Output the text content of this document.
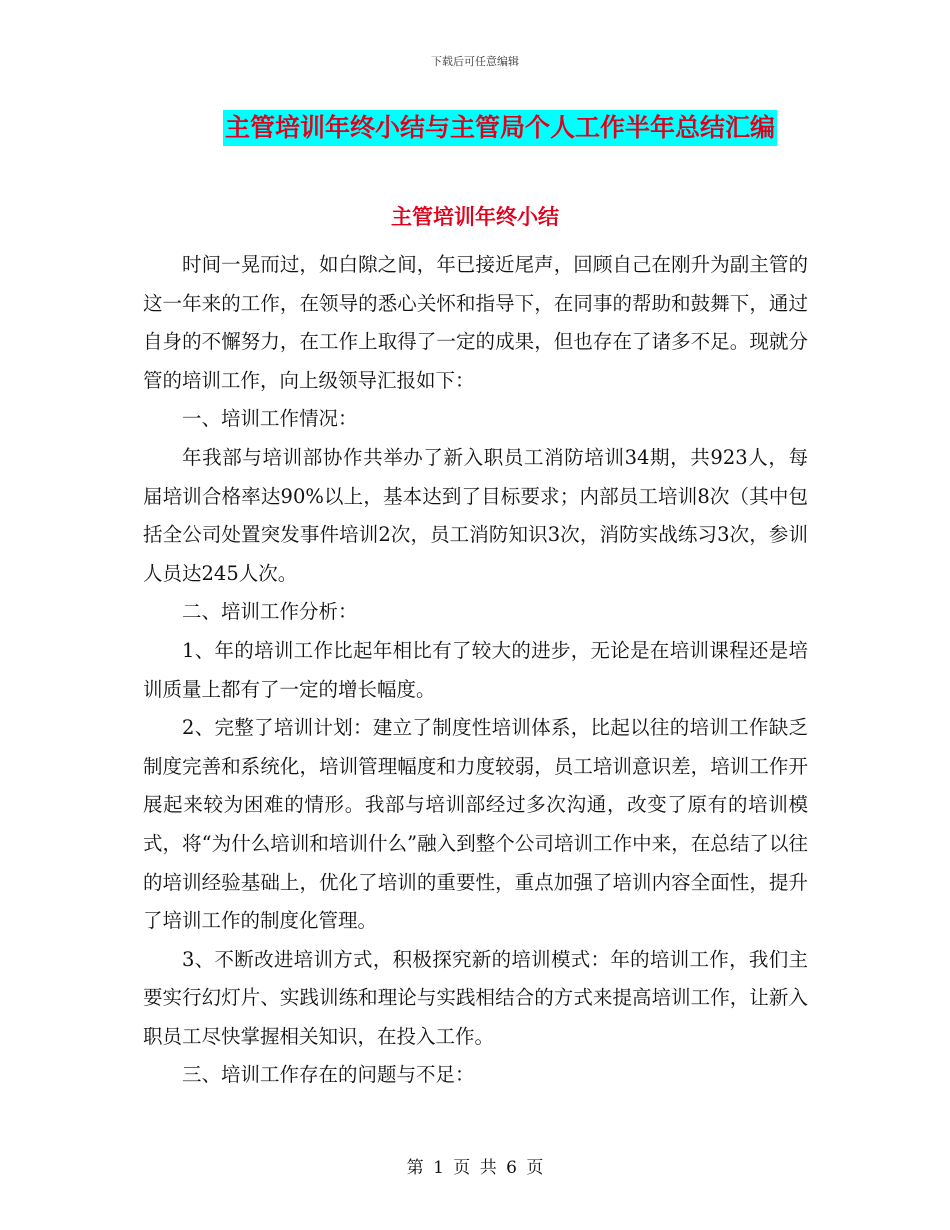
下载后可任意编辑
主管培训年终小结与主管局个人工作半年总结汇编
主管培训年终小结

时间一晃而过，如白隙之间，年已接近尾声，回顾自己在刚升为副主管的这一年来的工作，在领导的悉心关怀和指导下，在同事的帮助和鼓舞下，通过自身的不懈努力，在工作上取得了一定的成果，但也存在了诸多不足。现就分管的培训工作，向上级领导汇报如下：

一、培训工作情况：

年我部与培训部协作共举办了新入职员工消防培训34期，共923人，每届培训合格率达90%以上，基本达到了目标要求；内部员工培训8次（其中包括全公司处置突发事件培训2次，员工消防知识3次，消防实战练习3次，参训人员达245人次。

二、培训工作分析：

1、年的培训工作比起年相比有了较大的进步，无论是在培训课程还是培训质量上都有了一定的增长幅度。

2、完整了培训计划：建立了制度性培训体系，比起以往的培训工作缺乏制度完善和系统化，培训管理幅度和力度较弱，员工培训意识差，培训工作开展起来较为困难的情形。我部与培训部经过多次沟通，改变了原有的培训模式，将“为什么培训和培训什么”融入到整个公司培训工作中来，在总结了以往的培训经验基础上，优化了培训的重要性，重点加强了培训内容全面性，提升了培训工作的制度化管理。

3、不断改进培训方式，积极探究新的培训模式：年的培训工作，我们主要实行幻灯片、实践训练和理论与实践相结合的方式来提高培训工作，让新入职员工尽快掌握相关知识，在投入工作。

三、培训工作存在的问题与不足：

第 1 页 共 6 页
